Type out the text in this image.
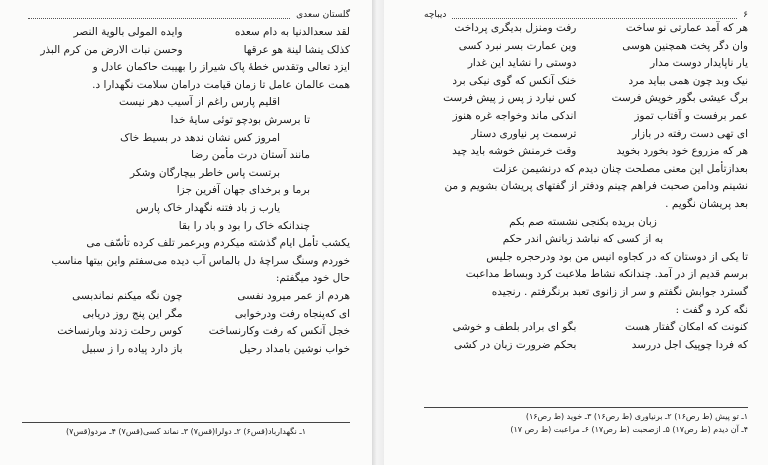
گلستان سعدی
لقد سعدالدنیا به دام سعده
وایده المولی بالویة النصر
کذلک ینشا لینة هو عرقها
وحسن نبات الارض من کرم البذر
ایزد تعالی وتقدس خطهٔ پاک شیراز را بهیبت حاکمان عادل و
همت عالمان عامل تا زمان قیامت درامان سلامت نگهدارا د.
اقلیم پارس راغم از آسیب دهر نیست
تا برسرش بودچو توئی سایهٔ خدا
امروز کس نشان ندهد در بسیط خاک
مانند آستان درت مأمن رضا
برتست پاس خاطر بیچارگان وشکر
برما و برخدای جهان آفرین جزا
یارب ز باد فتنه نگهدار خاک پارس
چندانکه خاک را بود و باد را بقا
یکشب تأمل ایام گذشته میکردم وبرعمر تلف کرده تأسّف می
خوردم وسنگ سراچهٔ دل بالماس آب دیده می‌سفتم واین بیتها مناسب
حال خود میگفتم:
هردم از عمر میرود نفسی
چون نگه میکنم نماندبسی
ای که‌پنجاه رفت ودرخوابی
مگر این پنج روز دریابی
خجل آنکس که رفت وکارنساخت
کوس رحلت زدند وبارنساخت
خواب نوشین بامداد رحیل
باز دارد پیاده را ز سبیل
۱ـ نگهدارباد(قس۶) ۲ـ دولرا(قس۷) ۳ـ نماند کسی(قس۷) ۴ـ مردو(قس۷)
دیباچه	۶
هر که آمد عمارتی نو ساخت
رفت ومنزل بدیگری پرداخت
وان دگر پخت همچنین هوسی
وین عمارت بسر نبرد کسی
یار ناپایدار دوست مدار
دوستی را نشاید این غدار
نیک وبد چون همی بباید مرد
خنک آنکس که گوی نیکی برد
برگ عیشی بگور خویش فرست
کس نیارد ز پس ز پیش فرست
عمر برفست و آفتاب تموز
اندکی ماند وخواجه غره هنوز
ای تهی دست رفته در بازار
ترسمت پر نیاوری دستار
هر که مزروع خود بخورد بخوید
وقت خرمنش خوشه باید چید
بعدازتأمل این معنی مصلحت چنان دیدم که درنشیمن عزلت
نشینم ودامن صحبت فراهم چینم ودفتر از گفتهای پریشان بشویم و من
بعد پریشان نگویم .
زبان بریده بکنجی نشسته صم بکم
به از کسی که نباشد زبانش اندر حکم
تا یکی از دوستان که در کجاوه انیس من بود ودرحجره جلیس
برسم قدیم از در آمد. چندانکه نشاط ملاعبت کرد وبساط مداعبت
گسترد جوابش نگفتم و سر از زانوی تعبد برنگرفتم . رنجیده
نگه کرد و گفت :
کنونت که امکان گفتار هست
بگو ای برادر بلطف و خوشی
که فردا چوپیک اجل دررسد
بحکم ضرورت زبان در کشی
۱ـ تو پیش (ط رص۱۶) ۲ـ برنیاوری (ط رص۱۶) ۳ـ خوید (ط رص۱۶)
۴ـ آن دیدم (ط رص۱۷) ۵ـ ازصحبت (ط رص۱۷) ۶ـ مراعبت (ط رص ۱۷)
